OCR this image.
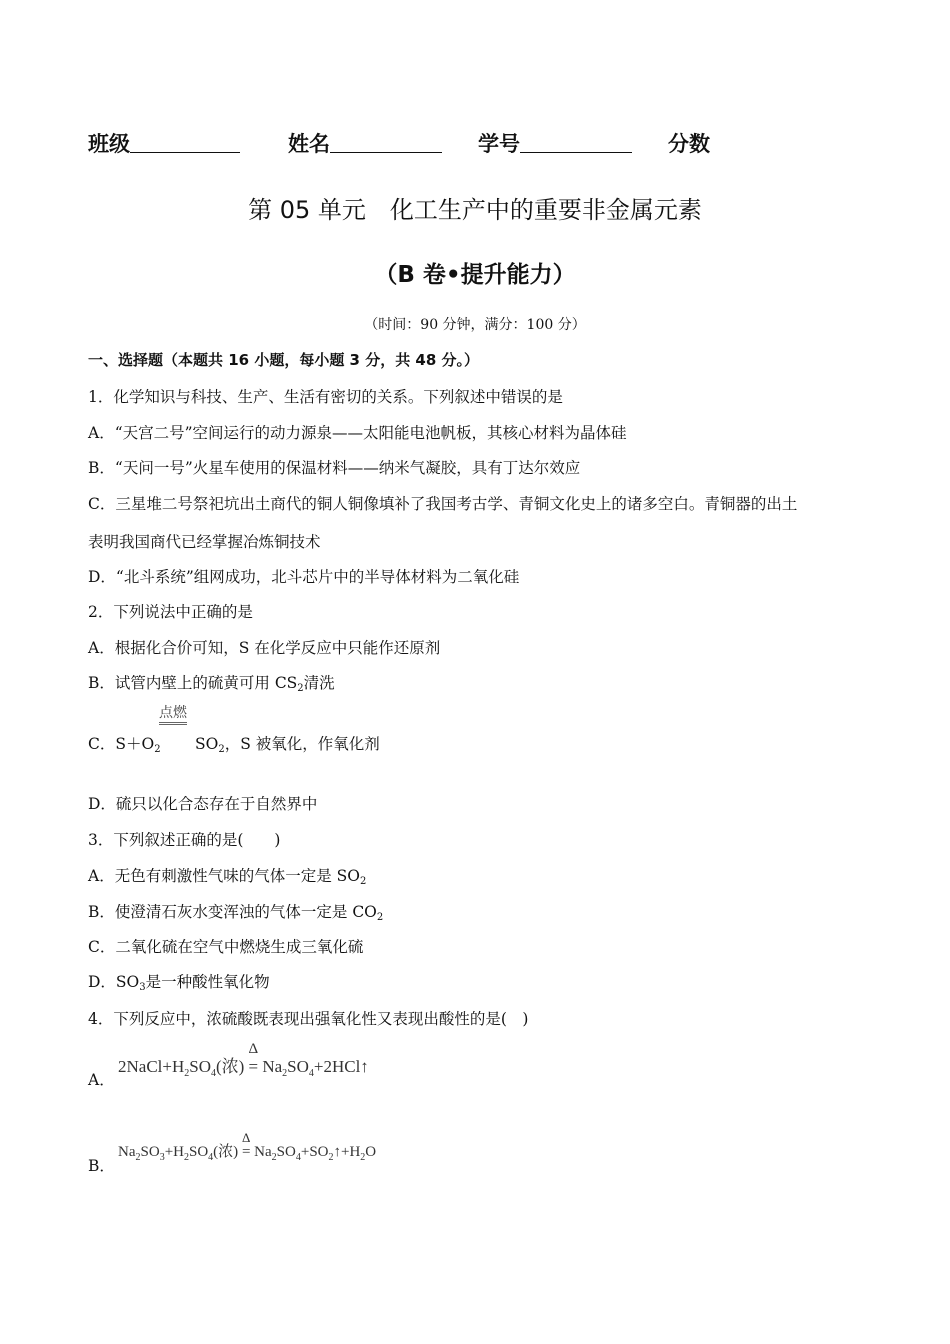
班级	姓名	学号	分数
第 05 单元　化工生产中的重要非金属元素
（B 卷•提升能力）
（时间：90 分钟，满分：100 分）
一、选择题（本题共 16 小题，每小题 3 分，共 48 分。）
1．化学知识与科技、生产、生活有密切的关系。下列叙述中错误的是
A．“天宫二号”空间运行的动力源泉——太阳能电池帆板，其核心材料为晶体硅
B．“天问一号”火星车使用的保温材料——纳米气凝胶，具有丁达尔效应
C．三星堆二号祭祀坑出土商代的铜人铜像填补了我国考古学、青铜文化史上的诸多空白。青铜器的出土
表明我国商代已经掌握冶炼铜技术
D．“北斗系统”组网成功，北斗芯片中的半导体材料为二氧化硅
2．下列说法中正确的是
A．根据化合价可知，S 在化学反应中只能作还原剂
B．试管内壁上的硫黄可用 $CS_2$清洗
点燃
C．$S+O_2$ $SO_2$，S 被氧化，作氧化剂
D．硫只以化合态存在于自然界中
3．下列叙述正确的是(　　)
A．无色有刺激性气味的气体一定是 $SO_2$
B．使澄清石灰水变浑浊的气体一定是 $CO_2$
C．二氧化硫在空气中燃烧生成三氧化硫
D．$SO_3$是一种酸性氧化物
4．下列反应中，浓硫酸既表现出强氧化性又表现出酸性的是(　)
A．
$2NaCl+H_2SO_4$(浓)
Δ
= $Na_2SO_4+2HCl↑$
B．
$Na_2SO_3+H_2SO_4$(浓)
Δ
= $Na_2SO_4+SO_2↑+H_2O$
